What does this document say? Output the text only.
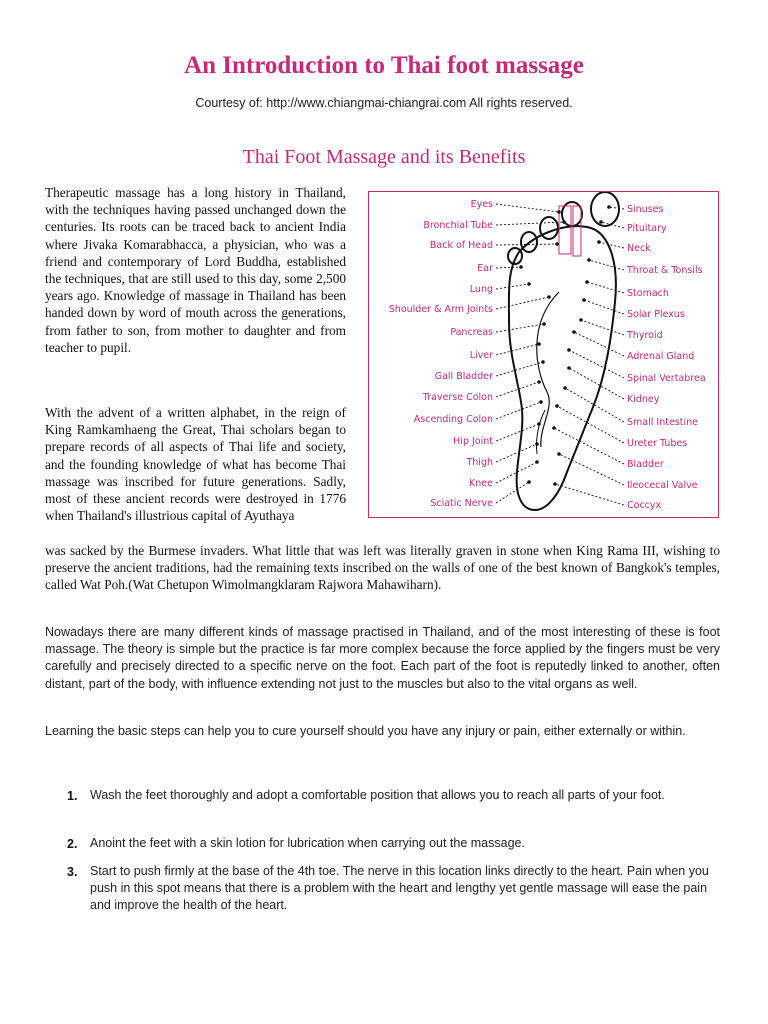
An Introduction to Thai foot massage
Courtesy of: http://www.chiangmai-chiangrai.com All rights reserved.
Thai Foot Massage and its Benefits

Therapeutic massage has a long history in Thailand, with the techniques having passed unchanged down the centuries. Its roots can be traced back to ancient India where Jivaka Komarabhacca, a physician, who was a friend and contemporary of Lord Buddha, established the techniques, that are still used to this day, some 2,500 years ago. Knowledge of massage in Thailand has been handed down by word of mouth across the generations, from father to son, from mother to daughter and from teacher to pupil.

With the advent of a written alphabet, in the reign of King Ramkamhaeng the Great, Thai scholars began to prepare records of all aspects of Thai life and society, and the founding knowledge of what has become Thai massage was inscribed for future generations. Sadly, most of these ancient records were destroyed in 1776 when Thailand's illustrious capital of Ayuthaya

was sacked by the Burmese invaders. What little that was left was literally graven in stone when King Rama III, wishing to preserve the ancient traditions, had the remaining texts inscribed on the walls of one of the best known of Bangkok's temples, called Wat Poh.(Wat Chetupon Wimolmangklaram Rajwora Mahawiharn).

Nowadays there are many different kinds of massage practised in Thailand, and of the most interesting of these is foot massage. The theory is simple but the practice is far more complex because the force applied by the fingers must be very carefully and precisely directed to a specific nerve on the foot. Each part of the foot is reputedly linked to another, often distant, part of the body, with influence extending not just to the muscles but also to the vital organs as well.

Learning the basic steps can help you to cure yourself should you have any injury or pain, either externally or within.

1. Wash the feet thoroughly and adopt a comfortable position that allows you to reach all parts of your foot.

2. Anoint the feet with a skin lotion for lubrication when carrying out the massage.

3. Start to push firmly at the base of the 4th toe. The nerve in this location links directly to the heart. Pain when you push in this spot means that there is a problem with the heart and lengthy yet gentle massage will ease the pain and improve the health of the heart.

Eyes
Bronchial Tube
Back of Head
Ear
Lung
Shoulder & Arm Joints
Pancreas
Liver
Gall Bladder
Traverse Colon
Ascending Colon
Hip Joint
Thigh
Knee
Sciatic Nerve
Sinuses
Pituitary
Neck
Throat & Tonsils
Stomach
Solar Plexus
Thyroid
Adrenal Gland
Spinal Vertabrea
Kidney
Small Intestine
Ureter Tubes
Bladder
Ileocecal Valve
Coccyx
